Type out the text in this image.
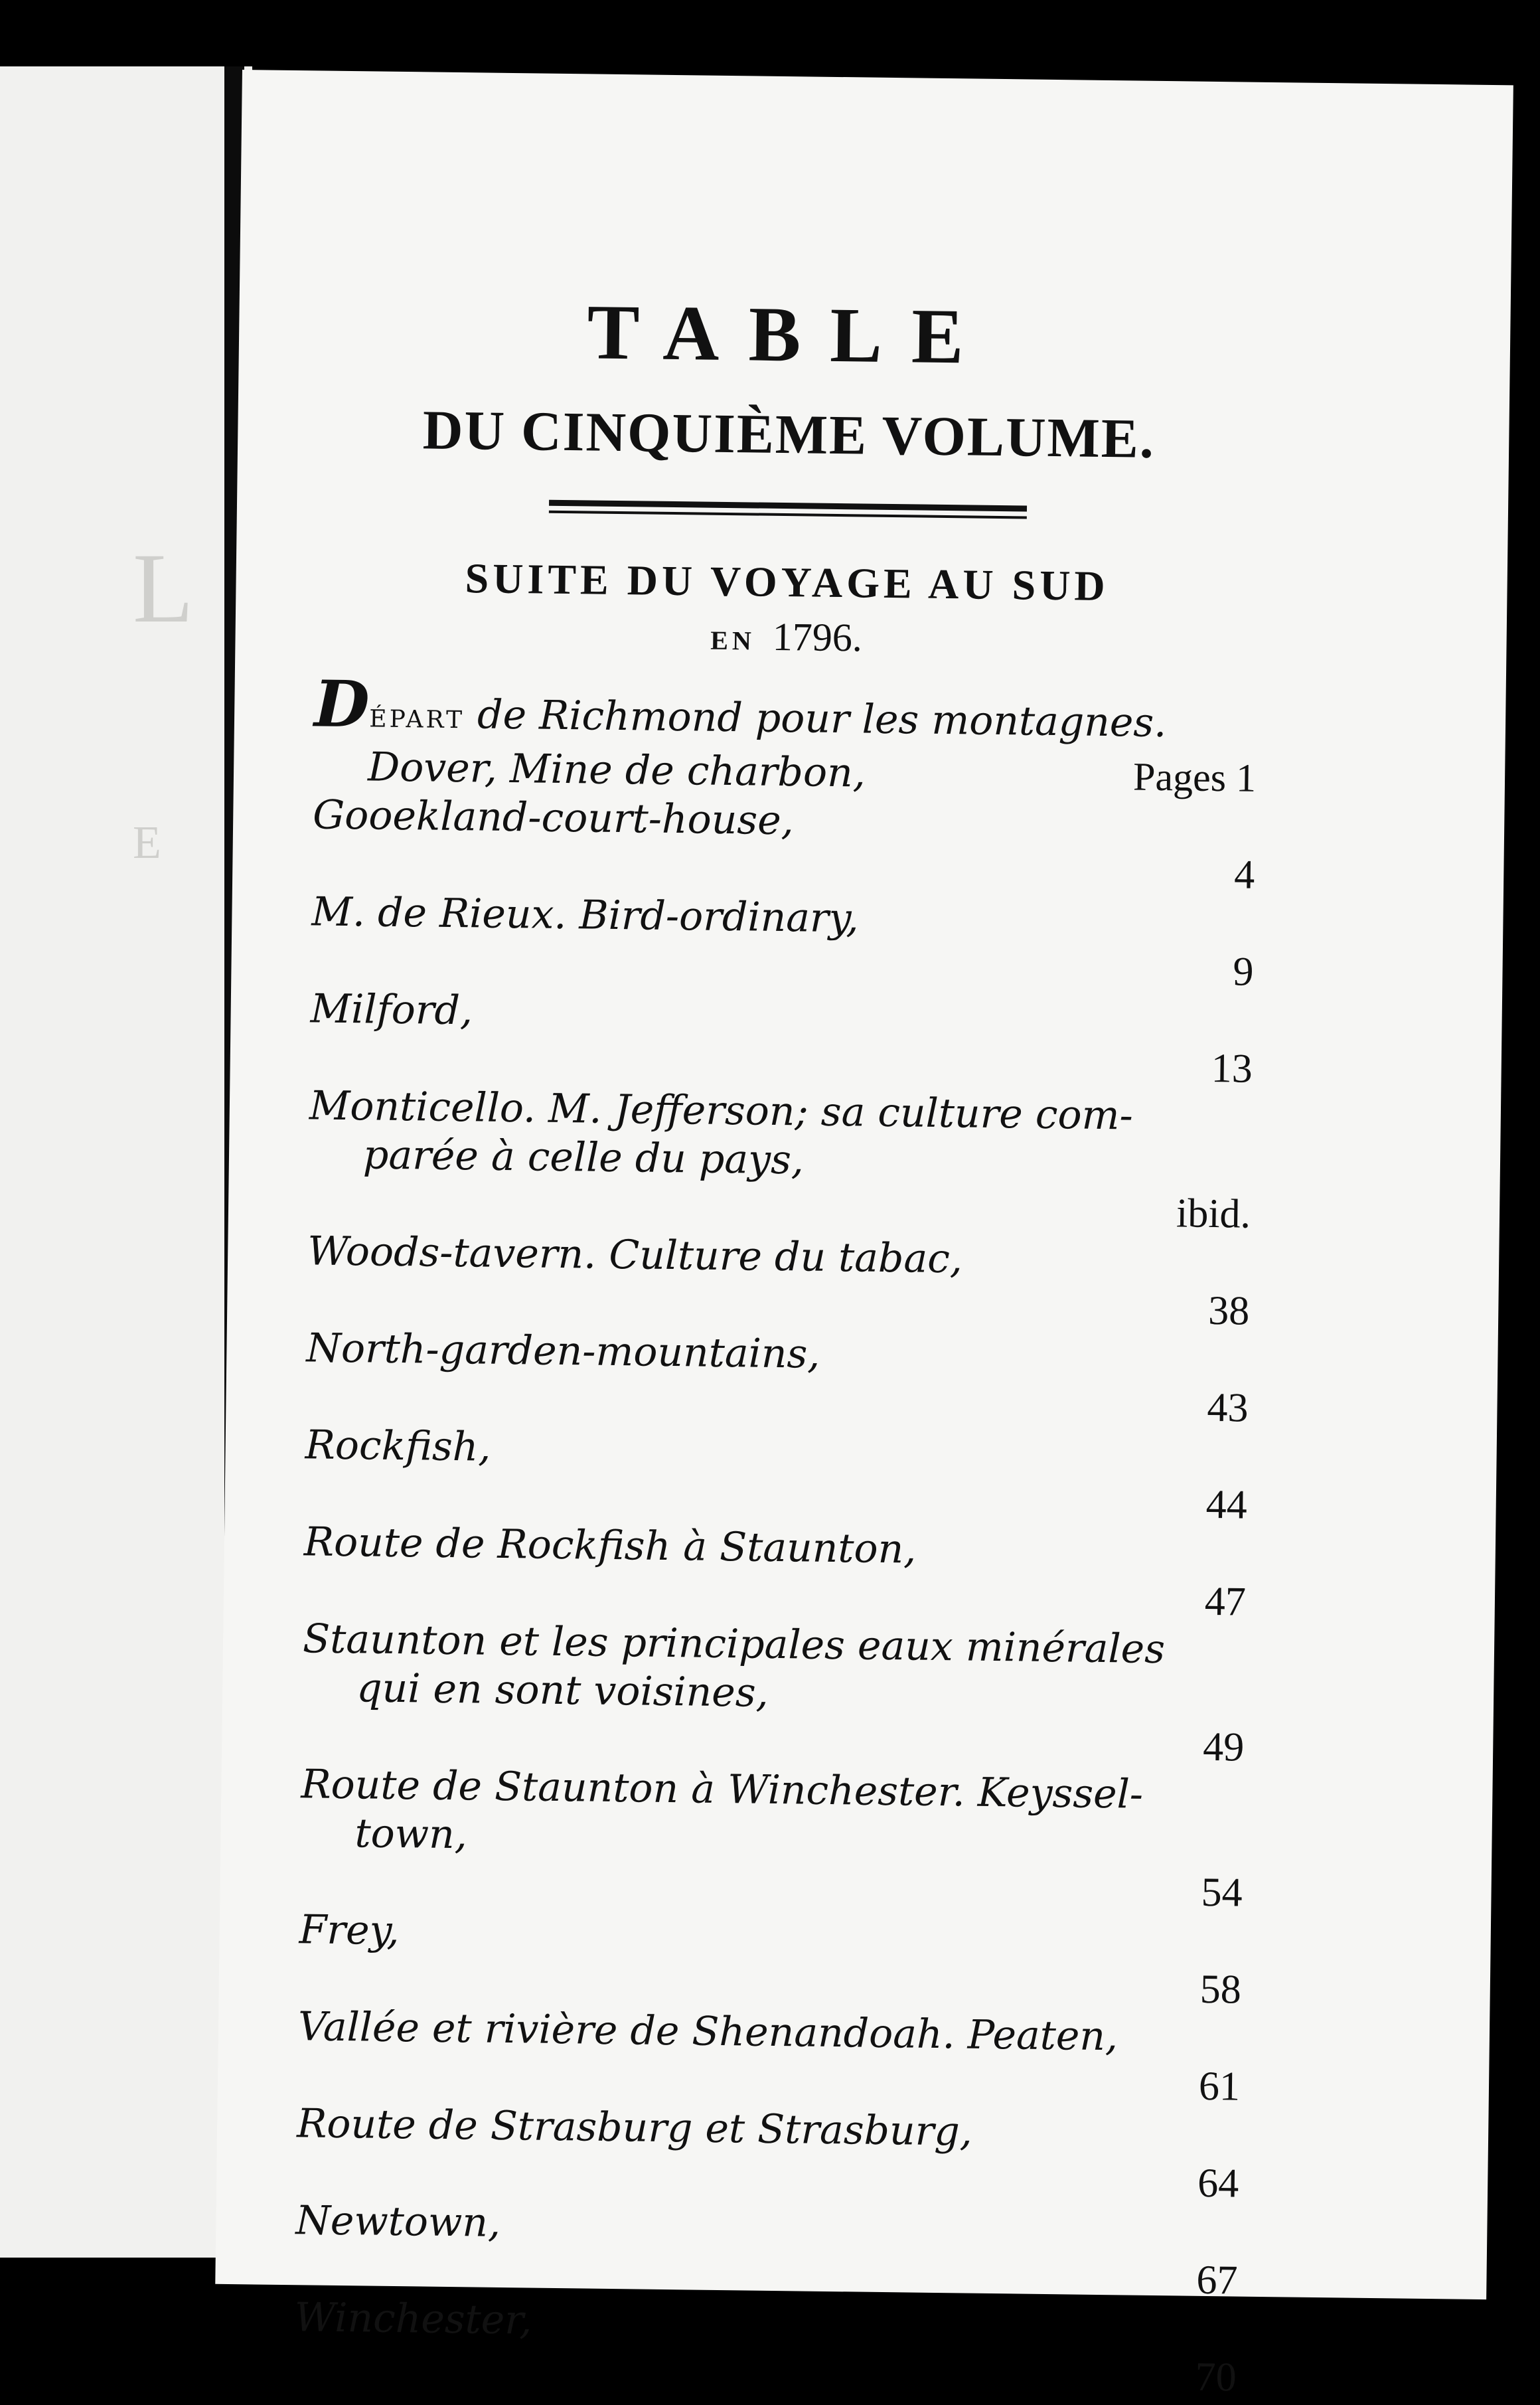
L
E
TABLE
DU CINQUIÈME VOLUME.
SUITE DU VOYAGE AU SUD
EN 1796.
DÉPART de Richmond pour les montagnes.
Dover, Mine de charbon,	Pages 1
Gooekland-court-house,
4
M. de Rieux. Bird-ordinary,
9
Milford,
13
Monticello. M. Jefferson; sa culture com-
parée à celle du pays,
ibid.
Woods-tavern. Culture du tabac,
38
North-garden-mountains,
43
Rockfish,
44
Route de Rockfish à Staunton,
47
Staunton et les principales eaux minérales
qui en sont voisines,
49
Route de Staunton à Winchester. Keyssel-
town,
54
Frey,
58
Vallée et rivière de Shenandoah. Peaten,
61
Route de Strasburg et Strasburg,
64
Newtown,
67
Winchester,
70
